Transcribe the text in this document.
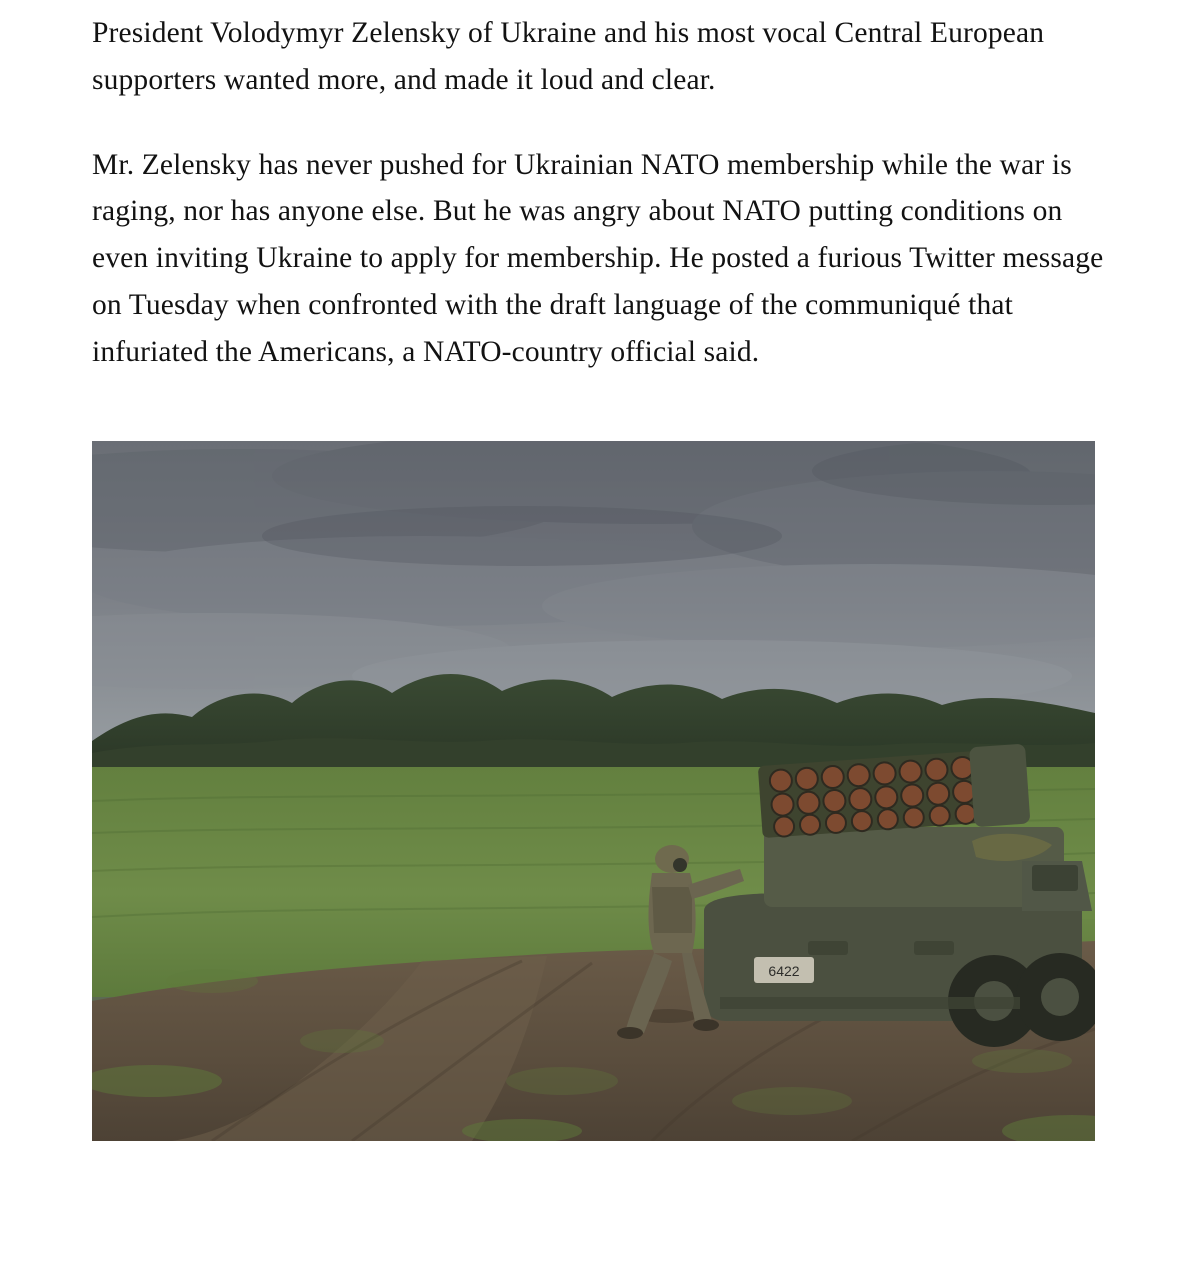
President Volodymyr Zelensky of Ukraine and his most vocal Central European supporters wanted more, and made it loud and clear.

Mr. Zelensky has never pushed for Ukrainian NATO membership while the war is raging, nor has anyone else. But he was angry about NATO putting conditions on even inviting Ukraine to apply for membership. He posted a furious Twitter message on Tuesday when confronted with the draft language of the communiqué that infuriated the Americans, a NATO-country official said.

6422
